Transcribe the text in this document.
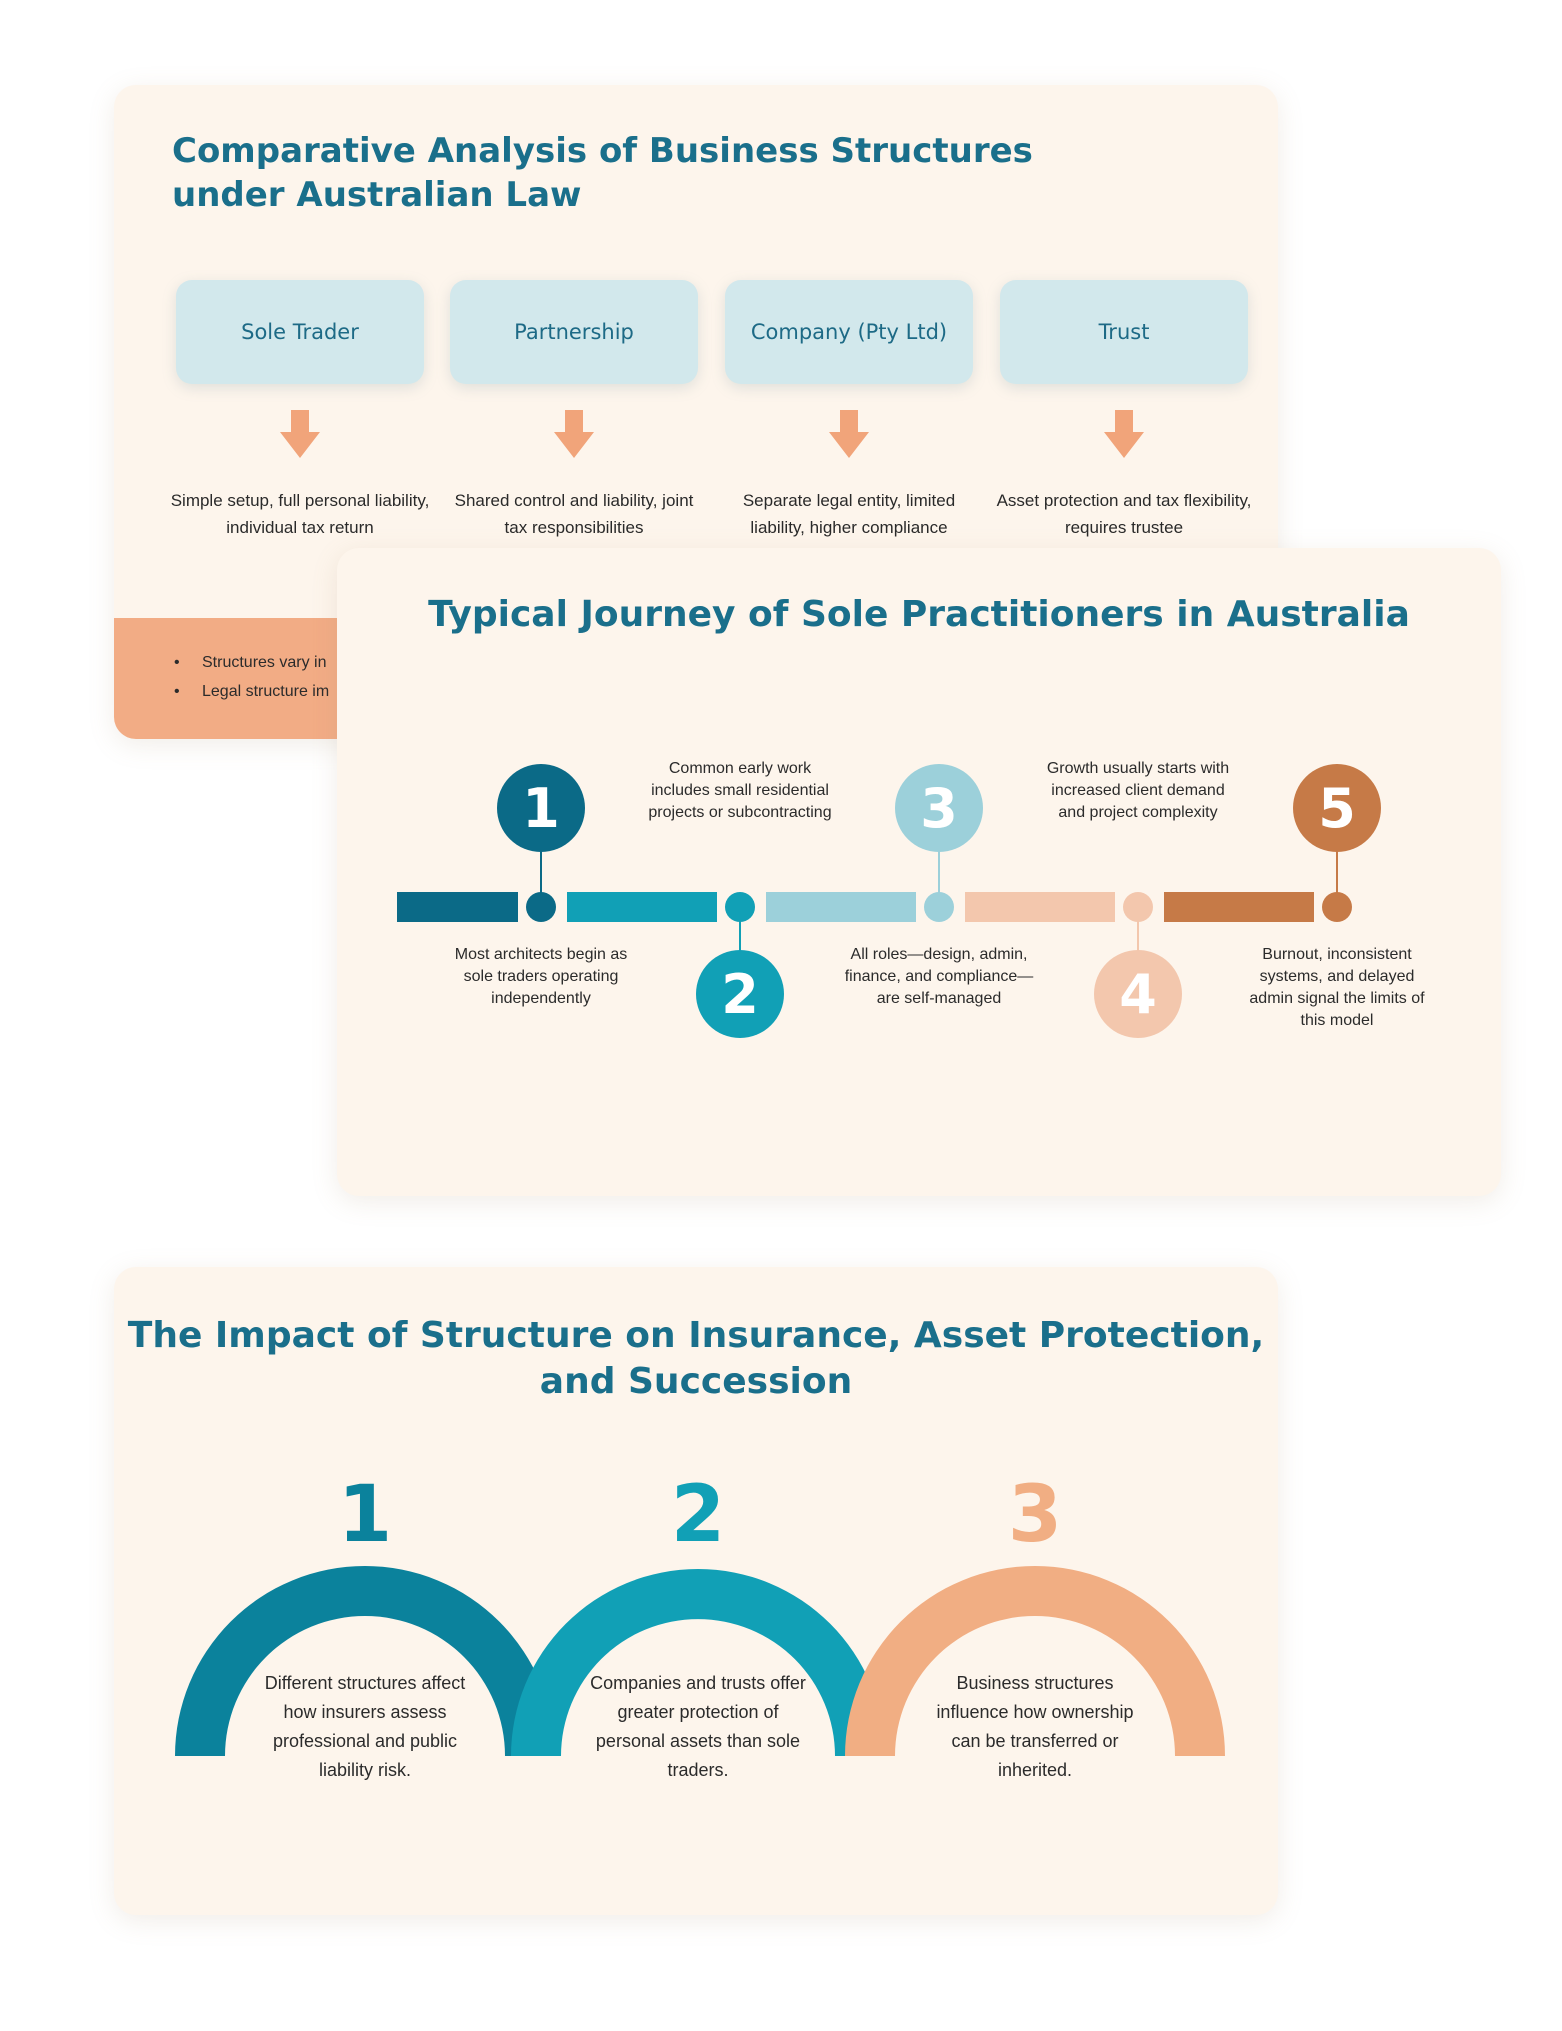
Comparative Analysis of Business Structures under Australian Law
Sole Trader	Partnership	Company (Pty Ltd)	Trust
Simple setup, full personal liability, individual tax return
Shared control and liability, joint tax responsibilities
Separate legal entity, limited liability, higher compliance
Asset protection and tax flexibility, requires trustee
• Structures vary in
• Legal structure im
Typical Journey of Sole Practitioners in Australia
1
2
3
4
5
Most architects begin as sole traders operating independently
Common early work includes small residential projects or subcontracting
All roles—design, admin, finance, and compliance—are self-managed
Growth usually starts with increased client demand and project complexity
Burnout, inconsistent systems, and delayed admin signal the limits of this model
The Impact of Structure on Insurance, Asset Protection, and Succession
1	2	3
Different structures affect how insurers assess professional and public liability risk.
Companies and trusts offer greater protection of personal assets than sole traders.
Business structures influence how ownership can be transferred or inherited.
